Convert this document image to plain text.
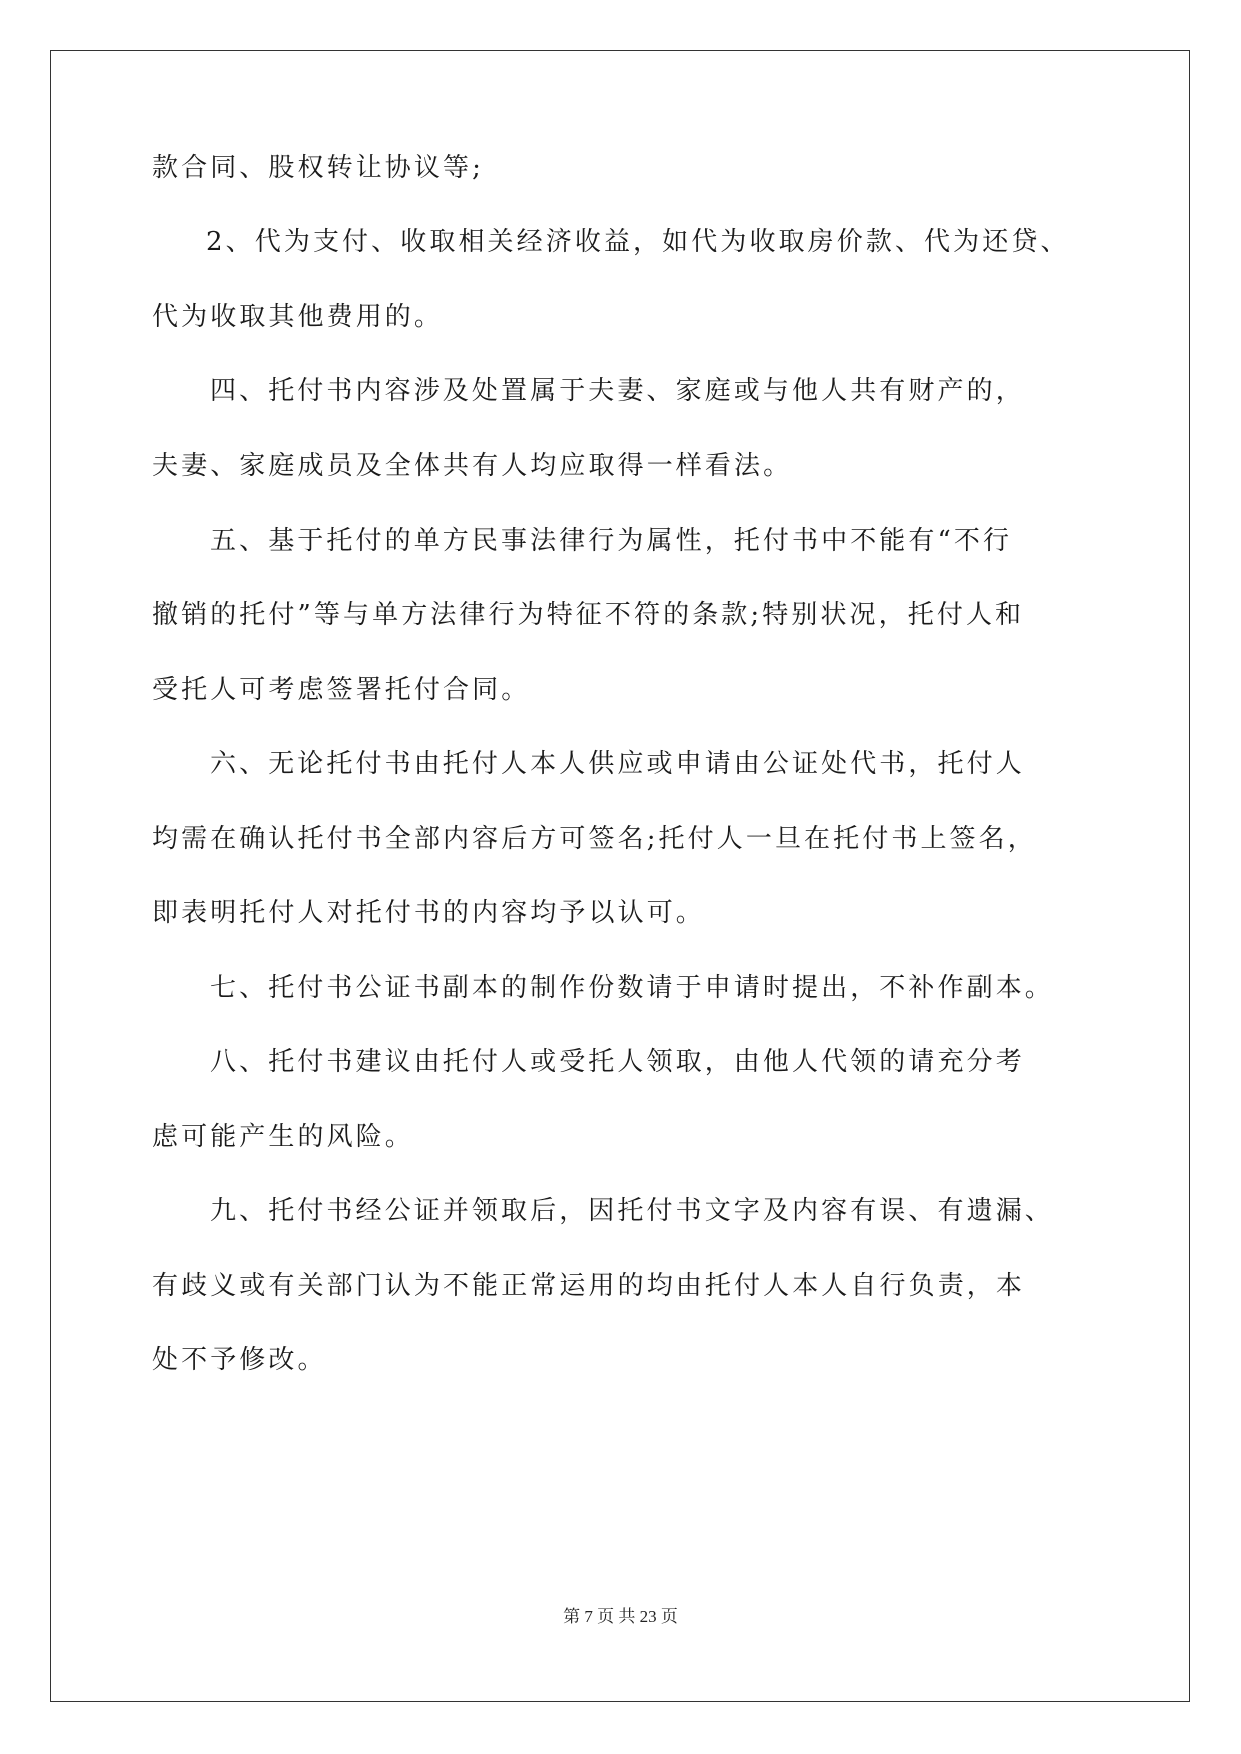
款合同、股权转让协议等;
2、代为支付、收取相关经济收益，如代为收取房价款、代为还贷、
代为收取其他费用的。
四、托付书内容涉及处置属于夫妻、家庭或与他人共有财产的，
夫妻、家庭成员及全体共有人均应取得一样看法。
五、基于托付的单方民事法律行为属性，托付书中不能有“不行
撤销的托付”等与单方法律行为特征不符的条款;特别状况，托付人和
受托人可考虑签署托付合同。
六、无论托付书由托付人本人供应或申请由公证处代书，托付人
均需在确认托付书全部内容后方可签名;托付人一旦在托付书上签名，
即表明托付人对托付书的内容均予以认可。
七、托付书公证书副本的制作份数请于申请时提出，不补作副本。
八、托付书建议由托付人或受托人领取，由他人代领的请充分考
虑可能产生的风险。
九、托付书经公证并领取后，因托付书文字及内容有误、有遗漏、
有歧义或有关部门认为不能正常运用的均由托付人本人自行负责，本
处不予修改。
第 7 页 共 23 页
